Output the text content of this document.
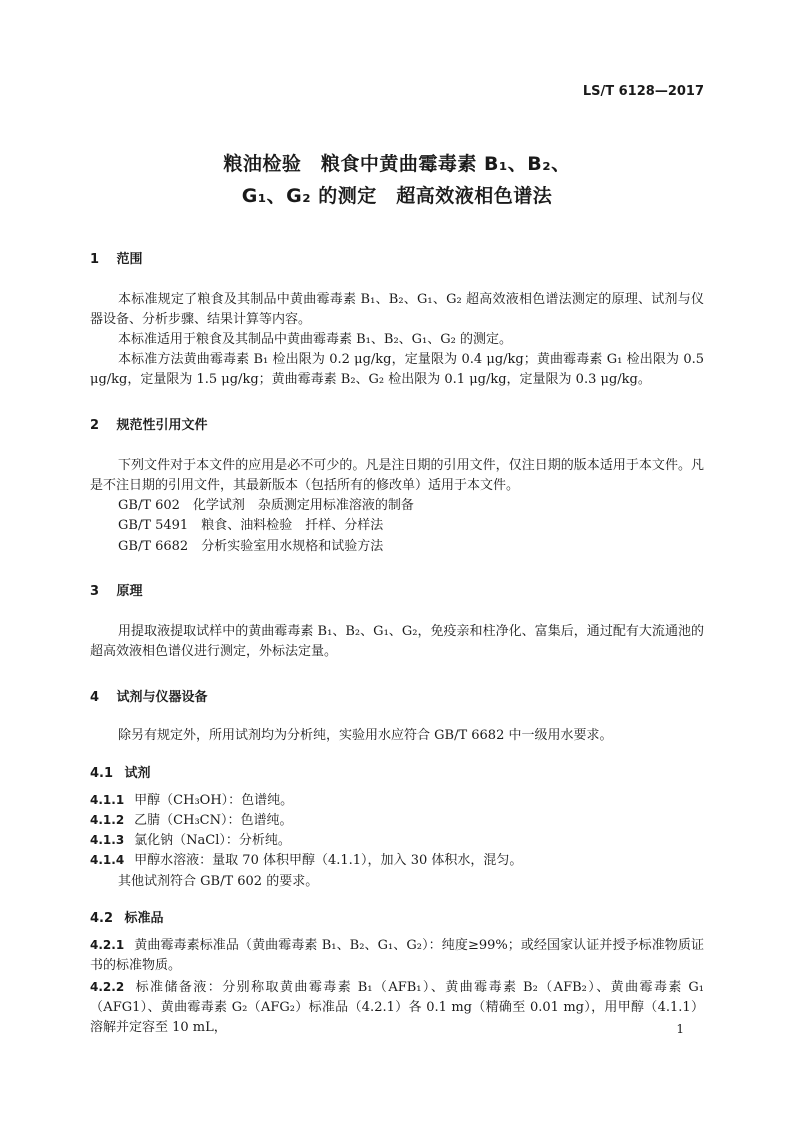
LS/T 6128—2017
粮油检验　粮食中黄曲霉毒素 B₁、B₂、
G₁、G₂ 的测定　超高效液相色谱法
1 范围
本标准规定了粮食及其制品中黄曲霉毒素 B₁、B₂、G₁、G₂ 超高效液相色谱法测定的原理、试剂与仪器设备、分析步骤、结果计算等内容。
本标准适用于粮食及其制品中黄曲霉毒素 B₁、B₂、G₁、G₂ 的测定。
本标准方法黄曲霉毒素 B₁ 检出限为 0.2 μg/kg，定量限为 0.4 μg/kg；黄曲霉毒素 G₁ 检出限为 0.5 μg/kg，定量限为 1.5 μg/kg；黄曲霉毒素 B₂、G₂ 检出限为 0.1 μg/kg，定量限为 0.3 μg/kg。
2 规范性引用文件
下列文件对于本文件的应用是必不可少的。凡是注日期的引用文件，仅注日期的版本适用于本文件。凡是不注日期的引用文件，其最新版本（包括所有的修改单）适用于本文件。
GB/T 602　化学试剂　杂质测定用标准溶液的制备
GB/T 5491　粮食、油料检验　扦样、分样法
GB/T 6682　分析实验室用水规格和试验方法
3 原理
用提取液提取试样中的黄曲霉毒素 B₁、B₂、G₁、G₂，免疫亲和柱净化、富集后，通过配有大流通池的超高效液相色谱仪进行测定，外标法定量。
4 试剂与仪器设备
除另有规定外，所用试剂均为分析纯，实验用水应符合 GB/T 6682 中一级用水要求。
4.1 试剂
4.1.1 甲醇（CH₃OH）：色谱纯。
4.1.2 乙腈（CH₃CN）：色谱纯。
4.1.3 氯化钠（NaCl）：分析纯。
4.1.4 甲醇水溶液：量取 70 体积甲醇（4.1.1），加入 30 体积水，混匀。
其他试剂符合 GB/T 602 的要求。
4.2 标准品
4.2.1 黄曲霉毒素标准品（黄曲霉毒素 B₁、B₂、G₁、G₂）：纯度≥99%；或经国家认证并授予标准物质证书的标准物质。
4.2.2 标准储备液：分别称取黄曲霉毒素 B₁（AFB₁）、黄曲霉毒素 B₂（AFB₂）、黄曲霉毒素 G₁（AFG1）、黄曲霉毒素 G₂（AFG₂）标准品（4.2.1）各 0.1 mg（精确至 0.01 mg），用甲醇（4.1.1）溶解并定容至 10 mL，	1
